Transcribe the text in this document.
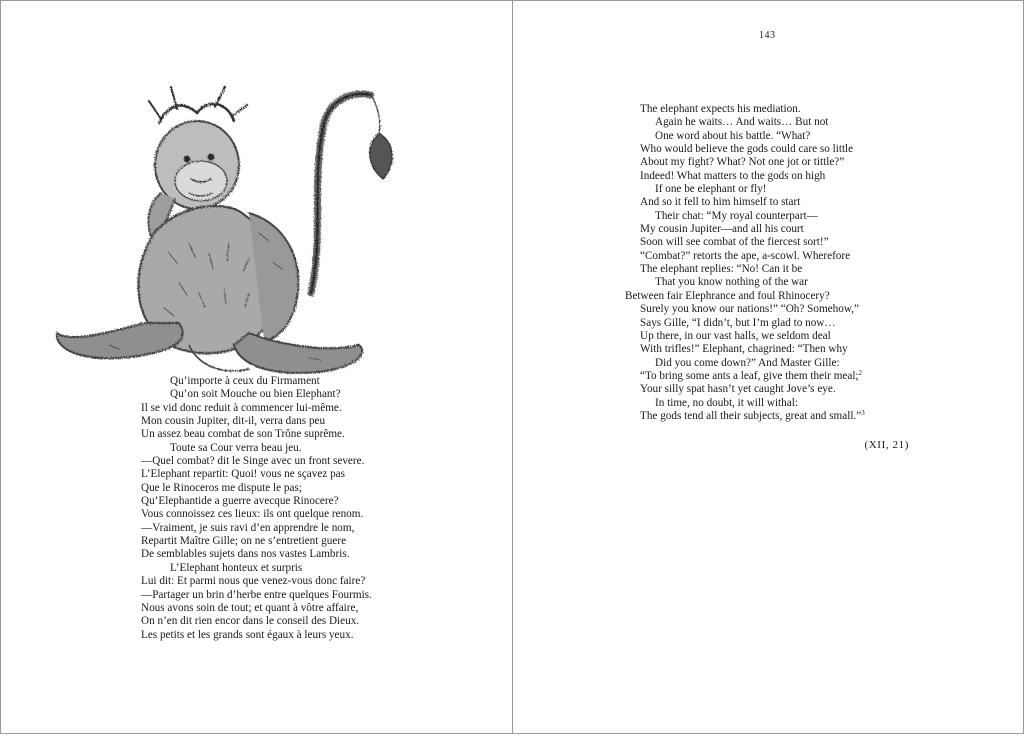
Qu’importe à ceux du Firmament
Qu’on soit Mouche ou bien Elephant?
Il se vid donc reduit à commencer lui-même.
Mon cousin Jupiter, dit-il, verra dans peu
Un assez beau combat de son Trône suprême.
Toute sa Cour verra beau jeu.
—Quel combat? dit le Singe avec un front severe.
L’Elephant repartit: Quoi! vous ne sçavez pas
Que le Rinoceros me dispute le pas;
Qu’Elephantide a guerre avecque Rinocere?
Vous connoissez ces lieux: ils ont quelque renom.
—Vraiment, je suis ravi d’en apprendre le nom,
Repartit Maître Gille; on ne s’entretient guere
De semblables sujets dans nos vastes Lambris.
L’Elephant honteux et surpris
Lui dit: Et parmi nous que venez-vous donc faire?
—Partager un brin d’herbe entre quelques Fourmis.
Nous avons soin de tout; et quant à vôtre affaire,
On n’en dit rien encor dans le conseil des Dieux.
Les petits et les grands sont égaux à leurs yeux.
143
The elephant expects his mediation.
Again he waits… And waits… But not
One word about his battle. “What?
Who would believe the gods could care so little
About my fight? What? Not one jot or tittle?”
Indeed! What matters to the gods on high
If one be elephant or fly!
And so it fell to him himself to start
Their chat: “My royal counterpart—
My cousin Jupiter—and all his court
Soon will see combat of the fiercest sort!”
“Combat?” retorts the ape, a-scowl. Wherefore
The elephant replies: “No! Can it be
That you know nothing of the war
Between fair Elephrance and foul Rhinocery?
Surely you know our nations!” “Oh? Somehow,”
Says Gille, “I didn’t, but I’m glad to now…
Up there, in our vast halls, we seldom deal
With trifles!” Elephant, chagrined: “Then why
Did you come down?” And Master Gille:
“To bring some ants a leaf, give them their meal;$^2$
Your silly spat hasn’t yet caught Jove’s eye.
In time, no doubt, it will withal:
The gods tend all their subjects, great and small.”$^3$
(XII, 21)
